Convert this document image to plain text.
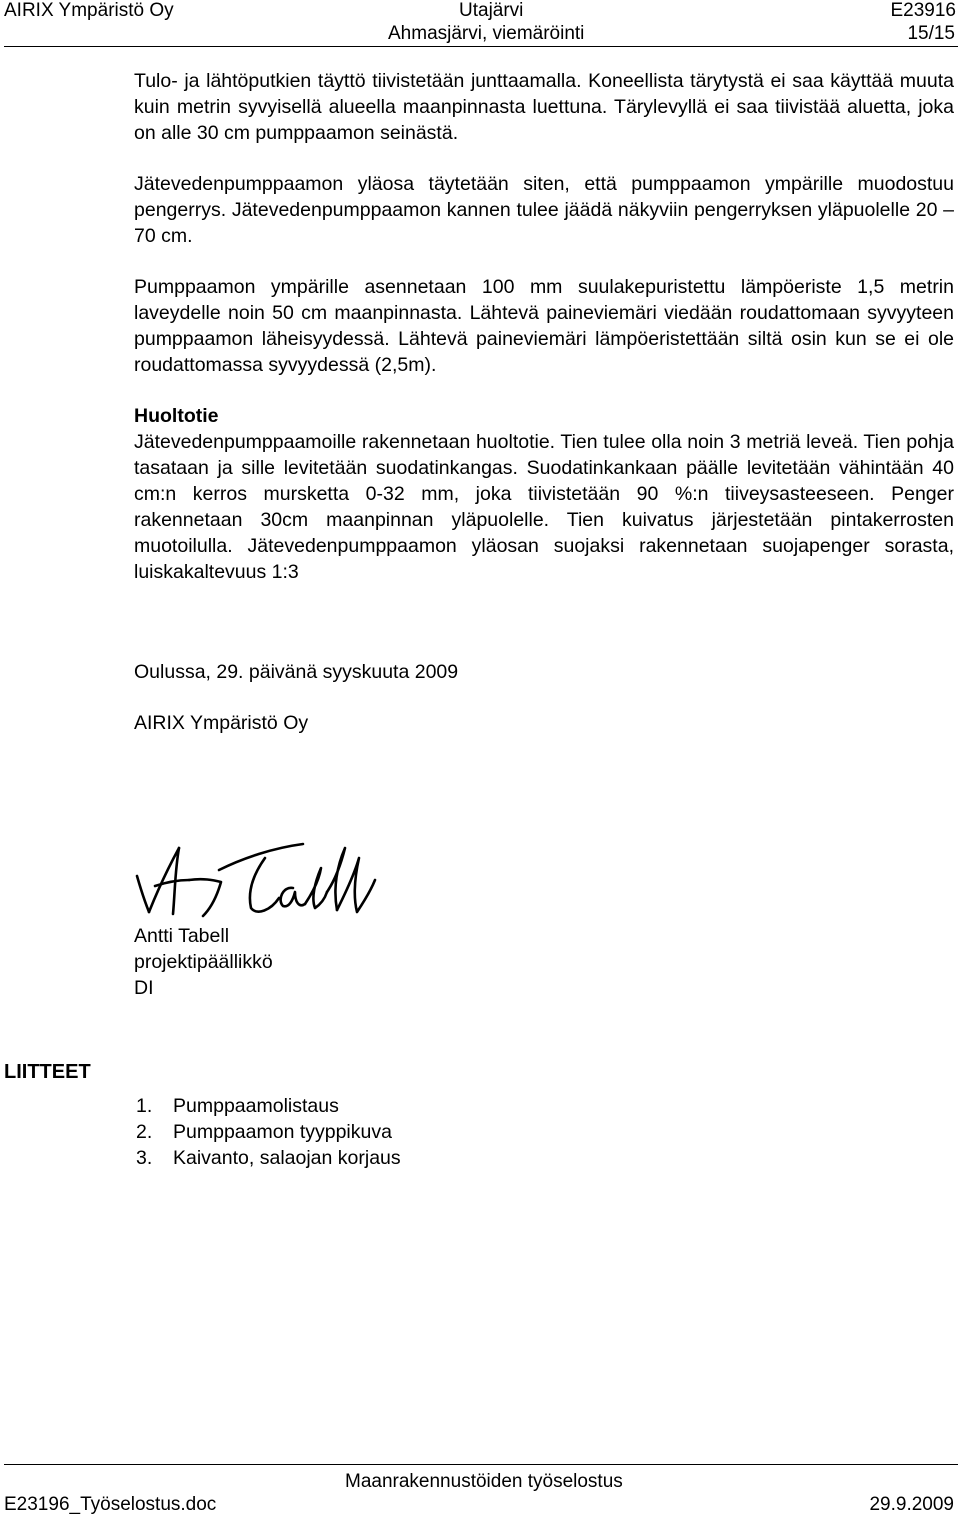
AIRIX Ympäristö Oy	Utajärvi
Ahmasjärvi, viemäröinti
E23916
15/15

Tulo- ja lähtöputkien täyttö tiivistetään junttaamalla. Koneellista tärytystä ei saa käyttää muuta kuin metrin syvyisellä alueella maanpinnasta luettuna. Tärylevyllä ei saa tiivistää aluetta, joka on alle 30 cm pumppaamon seinästä.

Jätevedenpumppaamon yläosa täytetään siten, että pumppaamon ympärille muodostuu pengerrys. Jätevedenpumppaamon kannen tulee jäädä näkyviin pengerryksen yläpuolelle 20 – 70 cm.

Pumppaamon ympärille asennetaan 100 mm suulakepuristettu lämpöeriste 1,5 metrin laveydelle noin 50 cm maanpinnasta. Lähtevä paineviemäri viedään roudattomaan syvyyteen pumppaamon läheisyydessä. Lähtevä paineviemäri lämpöeristettään siltä osin kun se ei ole roudattomassa syvyydessä (2,5m).

Huoltotie

Jätevedenpumppaamoille rakennetaan huoltotie. Tien tulee olla noin 3 metriä leveä. Tien pohja tasataan ja sille levitetään suodatinkangas. Suodatinkankaan päälle levitetään vähintään 40 cm:n kerros mursketta 0-32 mm, joka tiivistetään 90 %:n tiiveysasteeseen. Penger rakennetaan 30cm maanpinnan yläpuolelle. Tien kuivatus järjestetään pintakerrosten muotoilulla. Jätevedenpumppaamon yläosan suojaksi rakennetaan suojapenger sorasta, luiskakaltevuus 1:3

Oulussa, 29. päivänä syyskuuta 2009
AIRIX Ympäristö Oy
Antti Tabell
projektipäällikkö
DI
LIITTEET
1.	Pumppaamolistaus
2.	Pumppaamon tyyppikuva
3.	Kaivanto, salaojan korjaus
Maanrakennustöiden työselostus
E23196_Työselostus.doc	29.9.2009
